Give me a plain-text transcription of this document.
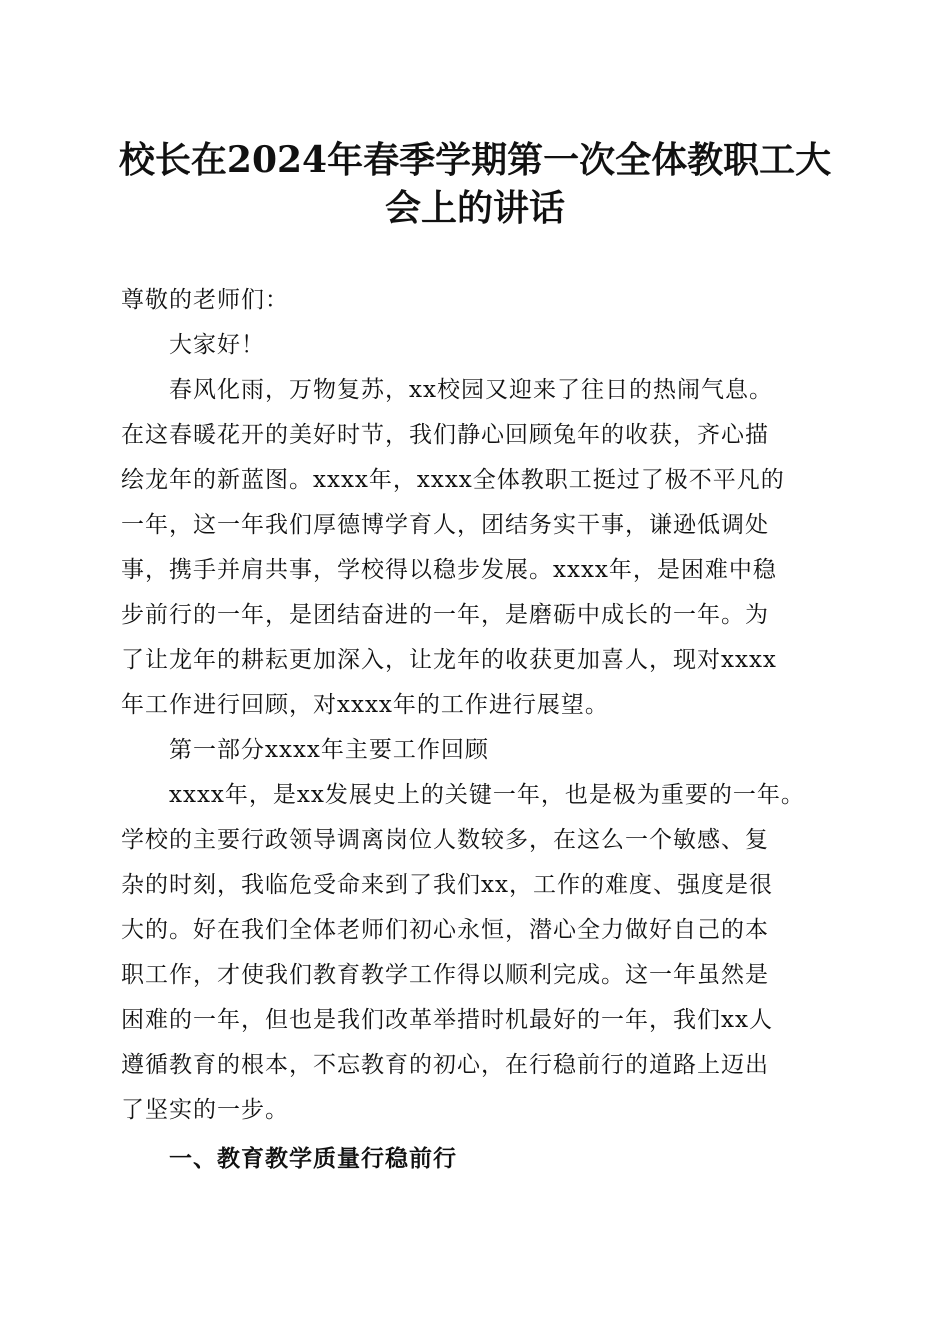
校长在2024年春季学期第一次全体教职工大
会上的讲话
尊敬的老师们：
大家好！
春风化雨，万物复苏，xx校园又迎来了往日的热闹气息。
在这春暖花开的美好时节，我们静心回顾兔年的收获，齐心描
绘龙年的新蓝图。xxxx年，xxxx全体教职工挺过了极不平凡的
一年，这一年我们厚德博学育人，团结务实干事，谦逊低调处
事，携手并肩共事，学校得以稳步发展。xxxx年，是困难中稳
步前行的一年，是团结奋进的一年，是磨砺中成长的一年。为
了让龙年的耕耘更加深入，让龙年的收获更加喜人，现对xxxx
年工作进行回顾，对xxxx年的工作进行展望。
第一部分xxxx年主要工作回顾
xxxx年，是xx发展史上的关键一年，也是极为重要的一年。
学校的主要行政领导调离岗位人数较多，在这么一个敏感、复
杂的时刻，我临危受命来到了我们xx，工作的难度、强度是很
大的。好在我们全体老师们初心永恒，潜心全力做好自己的本
职工作，才使我们教育教学工作得以顺利完成。这一年虽然是
困难的一年，但也是我们改革举措时机最好的一年，我们xx人
遵循教育的根本，不忘教育的初心，在行稳前行的道路上迈出
了坚实的一步。
一、教育教学质量行稳前行
